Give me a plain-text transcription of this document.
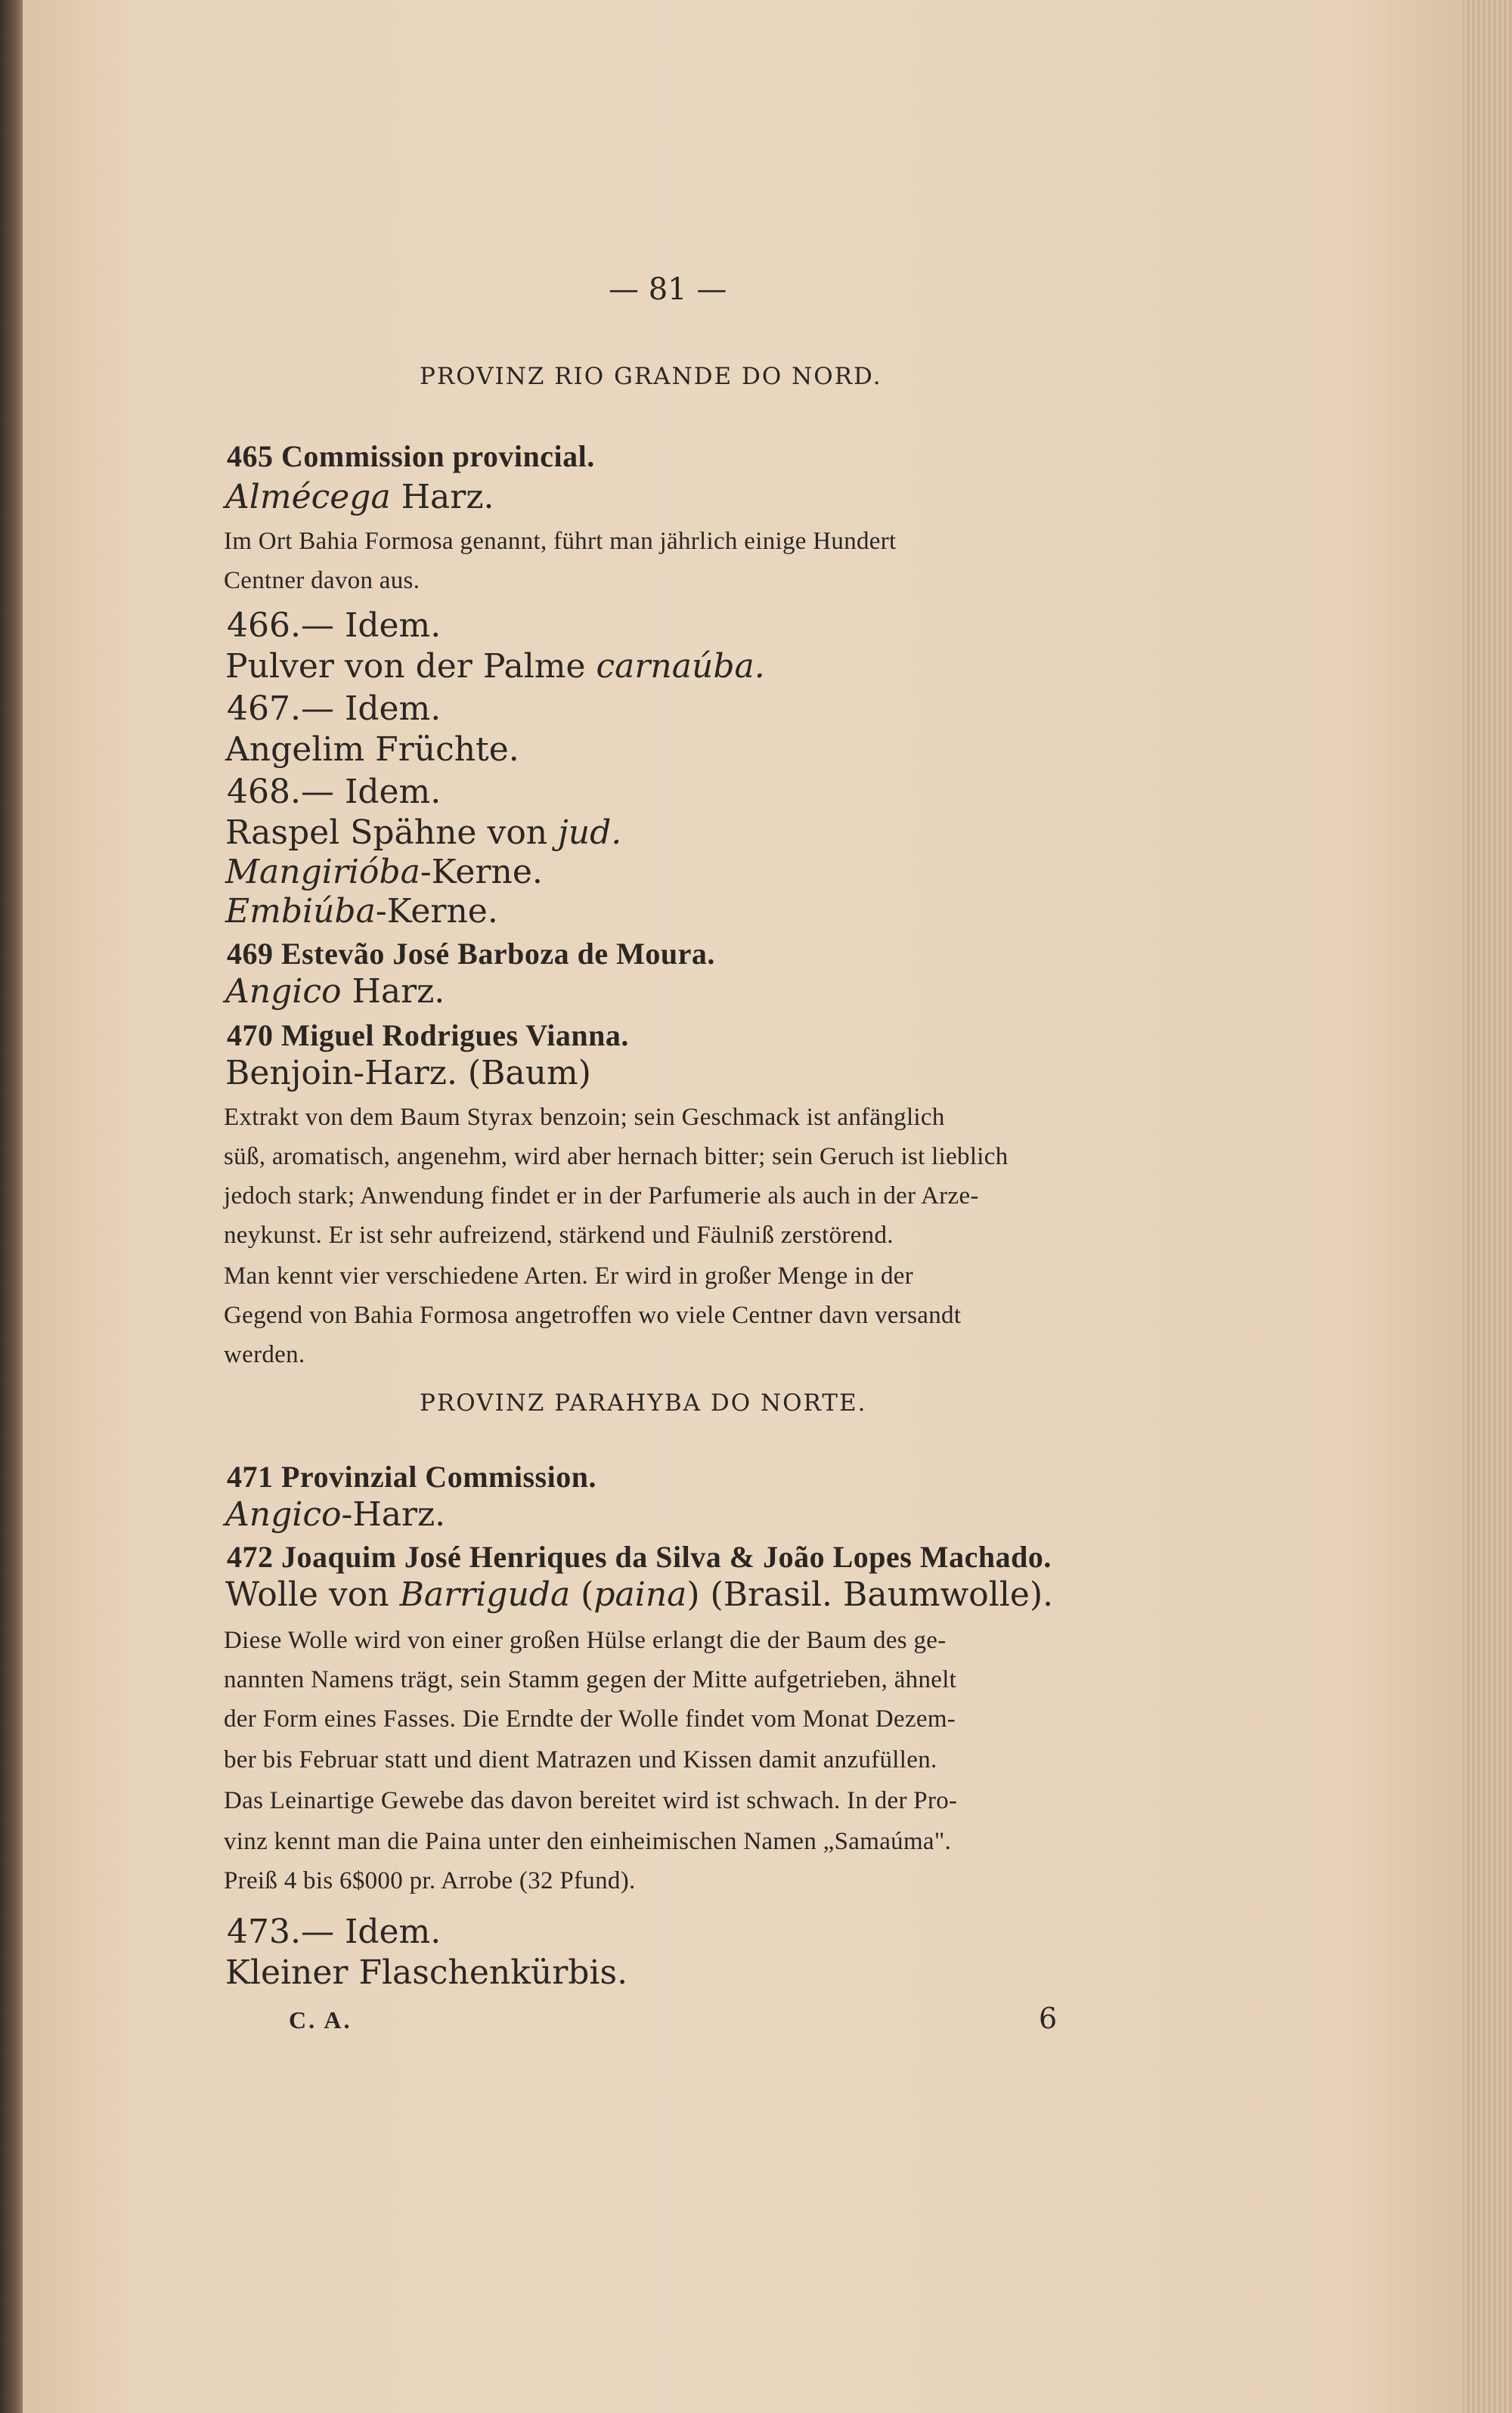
— 81 —
PROVINZ RIO GRANDE DO NORD.
465 Commission provincial.
Almécega Harz.
Im Ort Bahia Formosa genannt, führt man jährlich einige Hundert
Centner davon aus.
466.— Idem.
Pulver von der Palme carnaúba.
467.— Idem.
Angelim Früchte.
468.— Idem.
Raspel Spähne von jud.
Mangirióba-Kerne.
Embiúba-Kerne.
469 Estevão José Barboza de Moura.
Angico Harz.
470 Miguel Rodrigues Vianna.
Benjoin-Harz. (Baum)
Extrakt von dem Baum Styrax benzoin; sein Geschmack ist anfänglich
süß, aromatisch, angenehm, wird aber hernach bitter; sein Geruch ist lieblich
jedoch stark; Anwendung findet er in der Parfumerie als auch in der Arze-
neykunst. Er ist sehr aufreizend, stärkend und Fäulniß zerstörend.
Man kennt vier verschiedene Arten. Er wird in großer Menge in der
Gegend von Bahia Formosa angetroffen wo viele Centner davn versandt
werden.
PROVINZ PARAHYBA DO NORTE.
471 Provinzial Commission.
Angico-Harz.
472 Joaquim José Henriques da Silva & João Lopes Machado.
Wolle von Barriguda (paina) (Brasil. Baumwolle).
Diese Wolle wird von einer großen Hülse erlangt die der Baum des ge-
nannten Namens trägt, sein Stamm gegen der Mitte aufgetrieben, ähnelt
der Form eines Fasses. Die Erndte der Wolle findet vom Monat Dezem-
ber bis Februar statt und dient Matrazen und Kissen damit anzufüllen.
Das Leinartige Gewebe das davon bereitet wird ist schwach. In der Pro-
vinz kennt man die Paina unter den einheimischen Namen „Samaúma".
Preiß 4 bis 6$000 pr. Arrobe (32 Pfund).
473.— Idem.
Kleiner Flaschenkürbis.
C. A.	6
